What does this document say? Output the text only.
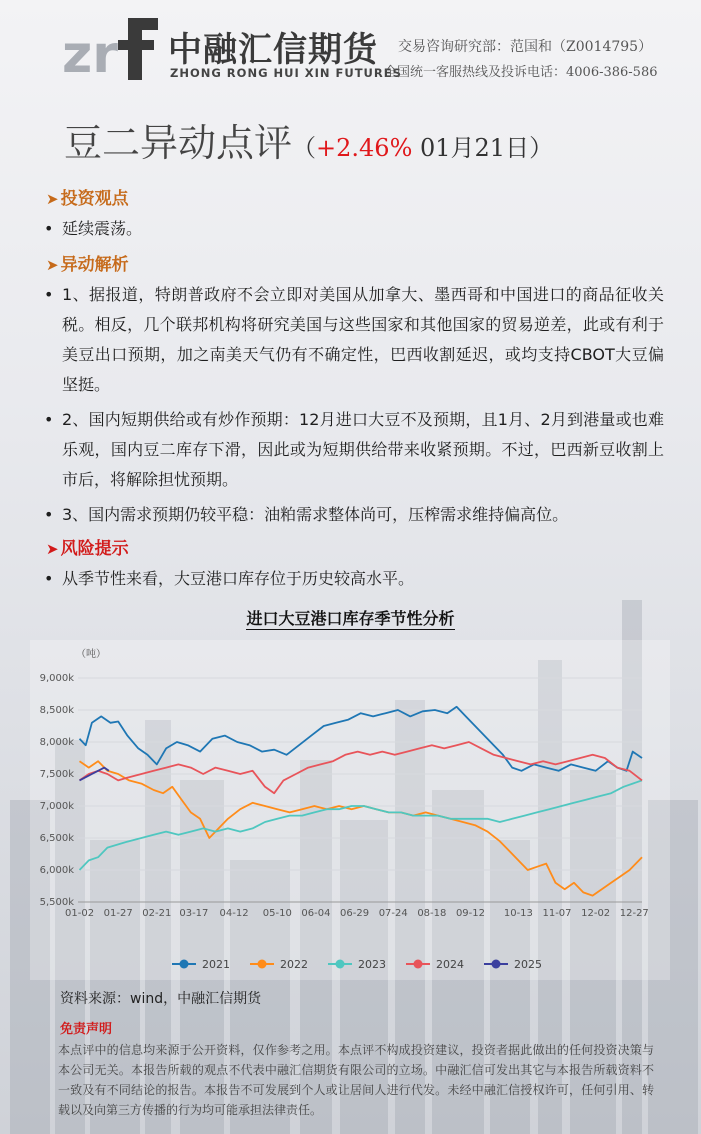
zr 中融汇信期货
ZHONG RONG HUI XIN FUTURES
交易咨询研究部：范国和（Z0014795）
全国统一客服热线及投诉电话：4006-386-586
豆二异动点评（+2.46% 01月21日）
➤ 投资观点
• 延续震荡。
➤ 异动解析
• 1、据报道，特朗普政府不会立即对美国从加拿大、墨西哥和中国进口的商品征收关税。相反，几个联邦机构将研究美国与这些国家和其他国家的贸易逆差，此或有利于美豆出口预期，加之南美天气仍有不确定性，巴西收割延迟，或均支持CBOT大豆偏坚挺。
• 2、国内短期供给或有炒作预期：12月进口大豆不及预期，且1月、2月到港量或也难乐观，国内豆二库存下滑，因此或为短期供给带来收紧预期。不过，巴西新豆收割上市后，将解除担忧预期。
• 3、国内需求预期仍较平稳：油粕需求整体尚可，压榨需求维持偏高位。
➤ 风险提示
• 从季节性来看，大豆港口库存位于历史较高水平。
进口大豆港口库存季节性分析
（吨）
5,500k
6,000k
6,500k
7,000k
7,500k
8,000k
8,500k
9,000k
01-02 01-27 02-21 03-17 04-12 05-10 06-04 06-29 07-24 08-18 09-12 10-13 11-07 12-02 12-27
2021	2022	2023	2024	2025
资料来源：wind，中融汇信期货
免责声明
本点评中的信息均来源于公开资料，仅作参考之用。本点评不构成投资建议，投资者据此做出的任何投资决策与本公司无关。本报告所载的观点不代表中融汇信期货有限公司的立场。中融汇信可发出其它与本报告所载资料不一致及有不同结论的报告。本报告不可发展到个人或让居间人进行代发。未经中融汇信授权许可，任何引用、转载以及向第三方传播的行为均可能承担法律责任。
